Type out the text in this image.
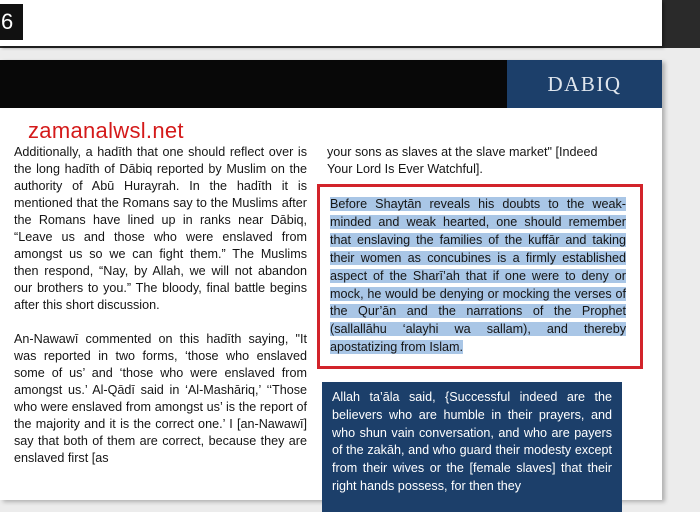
6
DABIQ
zamanalwsl.net

Additionally, a hadīth that one should reflect over is the long hadīth of Dābiq reported by Muslim on the authority of Abū Hurayrah. In the hadīth it is mentioned that the Romans say to the Muslims after the Romans have lined up in ranks near Dābiq, “Leave us and those who were enslaved from amongst us so we can fight them.” The Muslims then respond, “Nay, by Allah, we will not abandon our brothers to you.” The bloody, final battle begins after this short discussion.

An-Nawawī commented on this hadīth saying, "It was reported in two forms, ‘those who enslaved some of us’ and ‘those who were enslaved from amongst us.’ Al-Qādī said in ‘Al-Mashāriq,’ ‘‘Those who were enslaved from amongst us’ is the report of the majority and it is the correct one.’ I [an-Nawawī] say that both of them are correct, because they are enslaved first [as

your sons as slaves at the slave market" [Indeed Your Lord Is Ever Watchful].
Before Shaytān reveals his doubts to the weak-minded and weak hearted, one should remember that enslaving the families of the kuffār and taking their women as concubines is a firmly established aspect of the Sharī’ah that if one were to deny or mock, he would be denying or mocking the verses of the Qur’ān and the narrations of the Prophet (sallallāhu ‘alayhi wa sallam), and thereby apostatizing from Islam.

Allah ta’āla said, {Successful indeed are the believers who are humble in their prayers, and who shun vain conversation, and who are payers of the zakāh, and who guard their modesty except from their wives or the [female slaves] that their right hands possess, for then they
